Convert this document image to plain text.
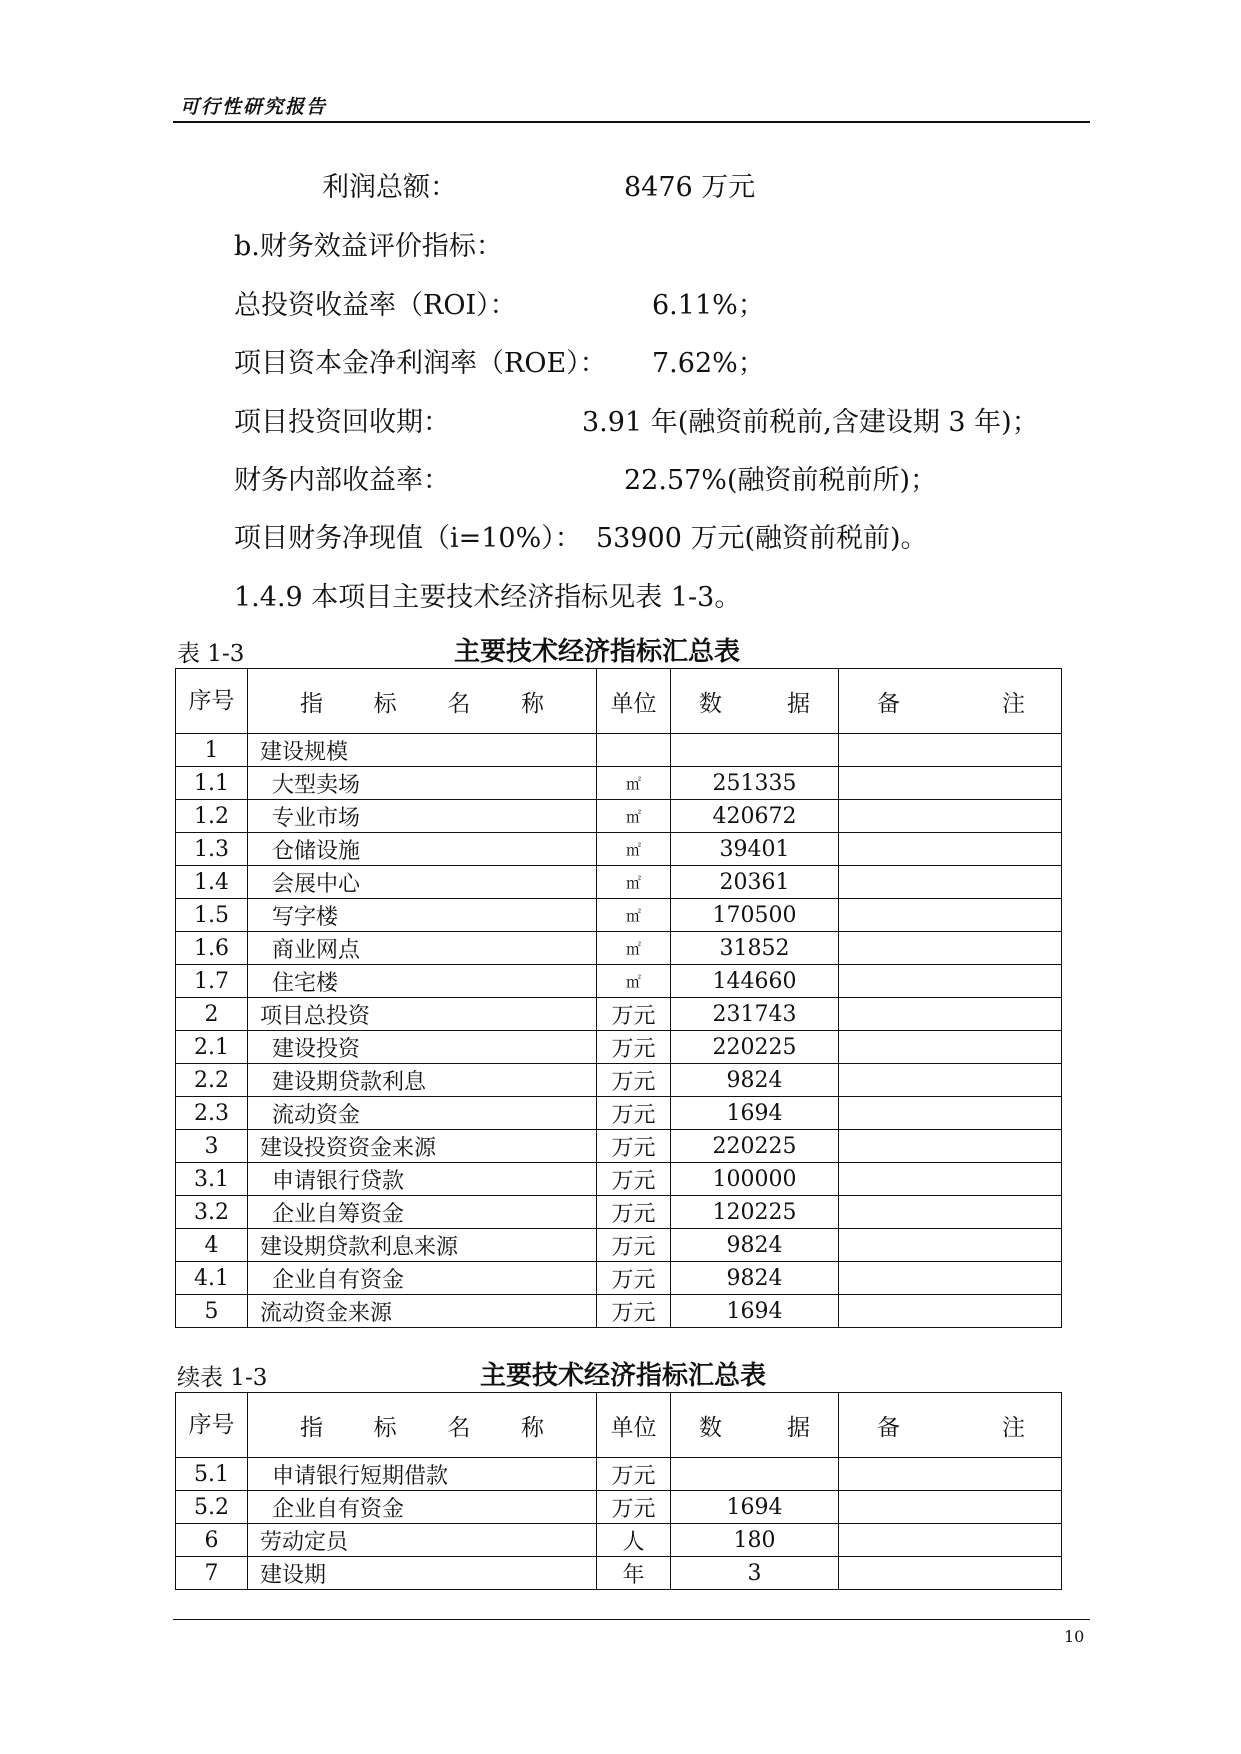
可行性研究报告
利润总额：	8476 万元
b.财务效益评价指标：
总投资收益率（ROI）：	6.11%；
项目资本金净利润率（ROE）： 7.62%；
项目投资回收期：	3.91 年(融资前税前,含建设期 3 年)；
财务内部收益率：	22.57%(融资前税前所)；
项目财务净现值（i=10%）： 53900 万元(融资前税前)。
1.4.9 本项目主要技术经济指标见表 1-3。
表 1-3	主要技术经济指标汇总表
序号	指 标 名 称	单位	数 据	备 注

1	建设规模			
1.1	大型卖场	㎡	251335	
1.2	专业市场	㎡	420672	
1.3	仓储设施	㎡	39401	
1.4	会展中心	㎡	20361	
1.5	写字楼	㎡	170500	
1.6	商业网点	㎡	31852	
1.7	住宅楼	㎡	144660	
2	项目总投资	万元	231743	
2.1	建设投资	万元	220225	
2.2	建设期贷款利息	万元	9824	
2.3	流动资金	万元	1694	
3	建设投资资金来源	万元	220225	
3.1	申请银行贷款	万元	100000	
3.2	企业自筹资金	万元	120225	
4	建设期贷款利息来源	万元	9824	
4.1	企业自有资金	万元	9824	
5	流动资金来源	万元	1694	
续表 1-3	主要技术经济指标汇总表
序号	指 标 名 称	单位	数 据	备 注

5.1	申请银行短期借款	万元		
5.2	企业自有资金	万元	1694	
6	劳动定员	人	180	
7	建设期	年	3	
10
